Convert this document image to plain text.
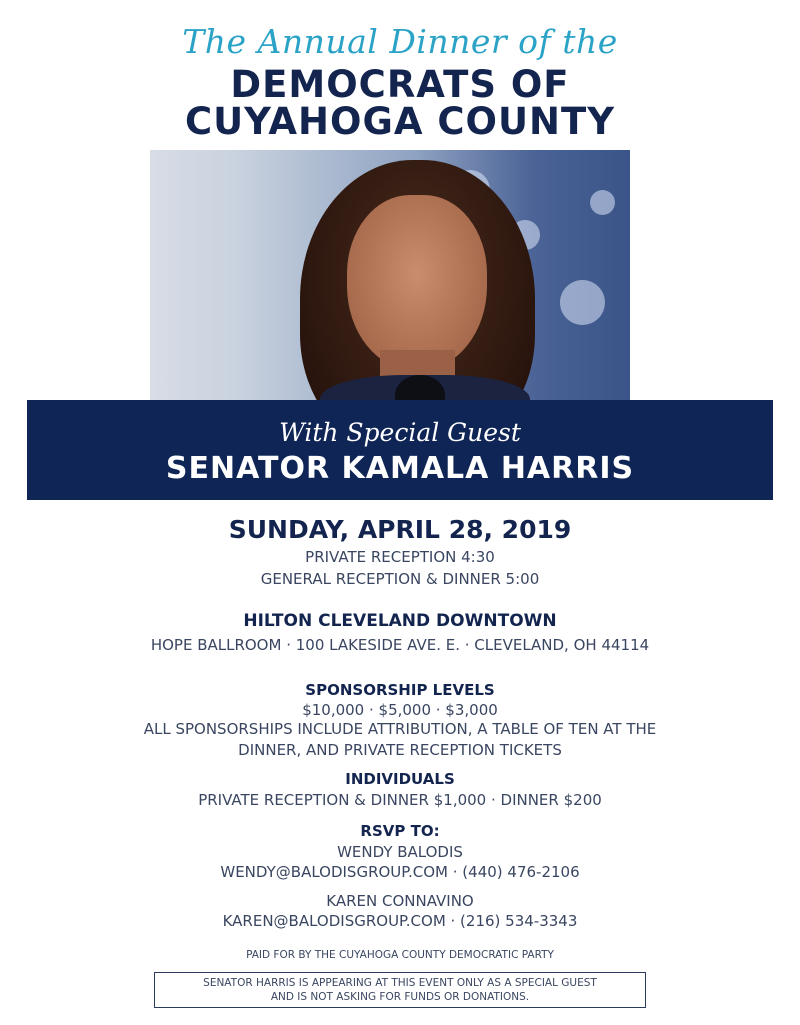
The Annual Dinner of the
DEMOCRATS OF
CUYAHOGA COUNTY
With Special Guest
SENATOR KAMALA HARRIS
SUNDAY, APRIL 28, 2019
PRIVATE RECEPTION 4:30
GENERAL RECEPTION & DINNER 5:00
HILTON CLEVELAND DOWNTOWN
HOPE BALLROOM · 100 LAKESIDE AVE. E. · CLEVELAND, OH 44114
SPONSORSHIP LEVELS
$10,000 · $5,000 · $3,000
ALL SPONSORSHIPS INCLUDE ATTRIBUTION, A TABLE OF TEN AT THE
DINNER, AND PRIVATE RECEPTION TICKETS
INDIVIDUALS
PRIVATE RECEPTION & DINNER $1,000 · DINNER $200
RSVP TO:
WENDY BALODIS
WENDY@BALODISGROUP.COM · (440) 476-2106
KAREN CONNAVINO
KAREN@BALODISGROUP.COM · (216) 534-3343
PAID FOR BY THE CUYAHOGA COUNTY DEMOCRATIC PARTY
SENATOR HARRIS IS APPEARING AT THIS EVENT ONLY AS A SPECIAL GUEST
AND IS NOT ASKING FOR FUNDS OR DONATIONS.
